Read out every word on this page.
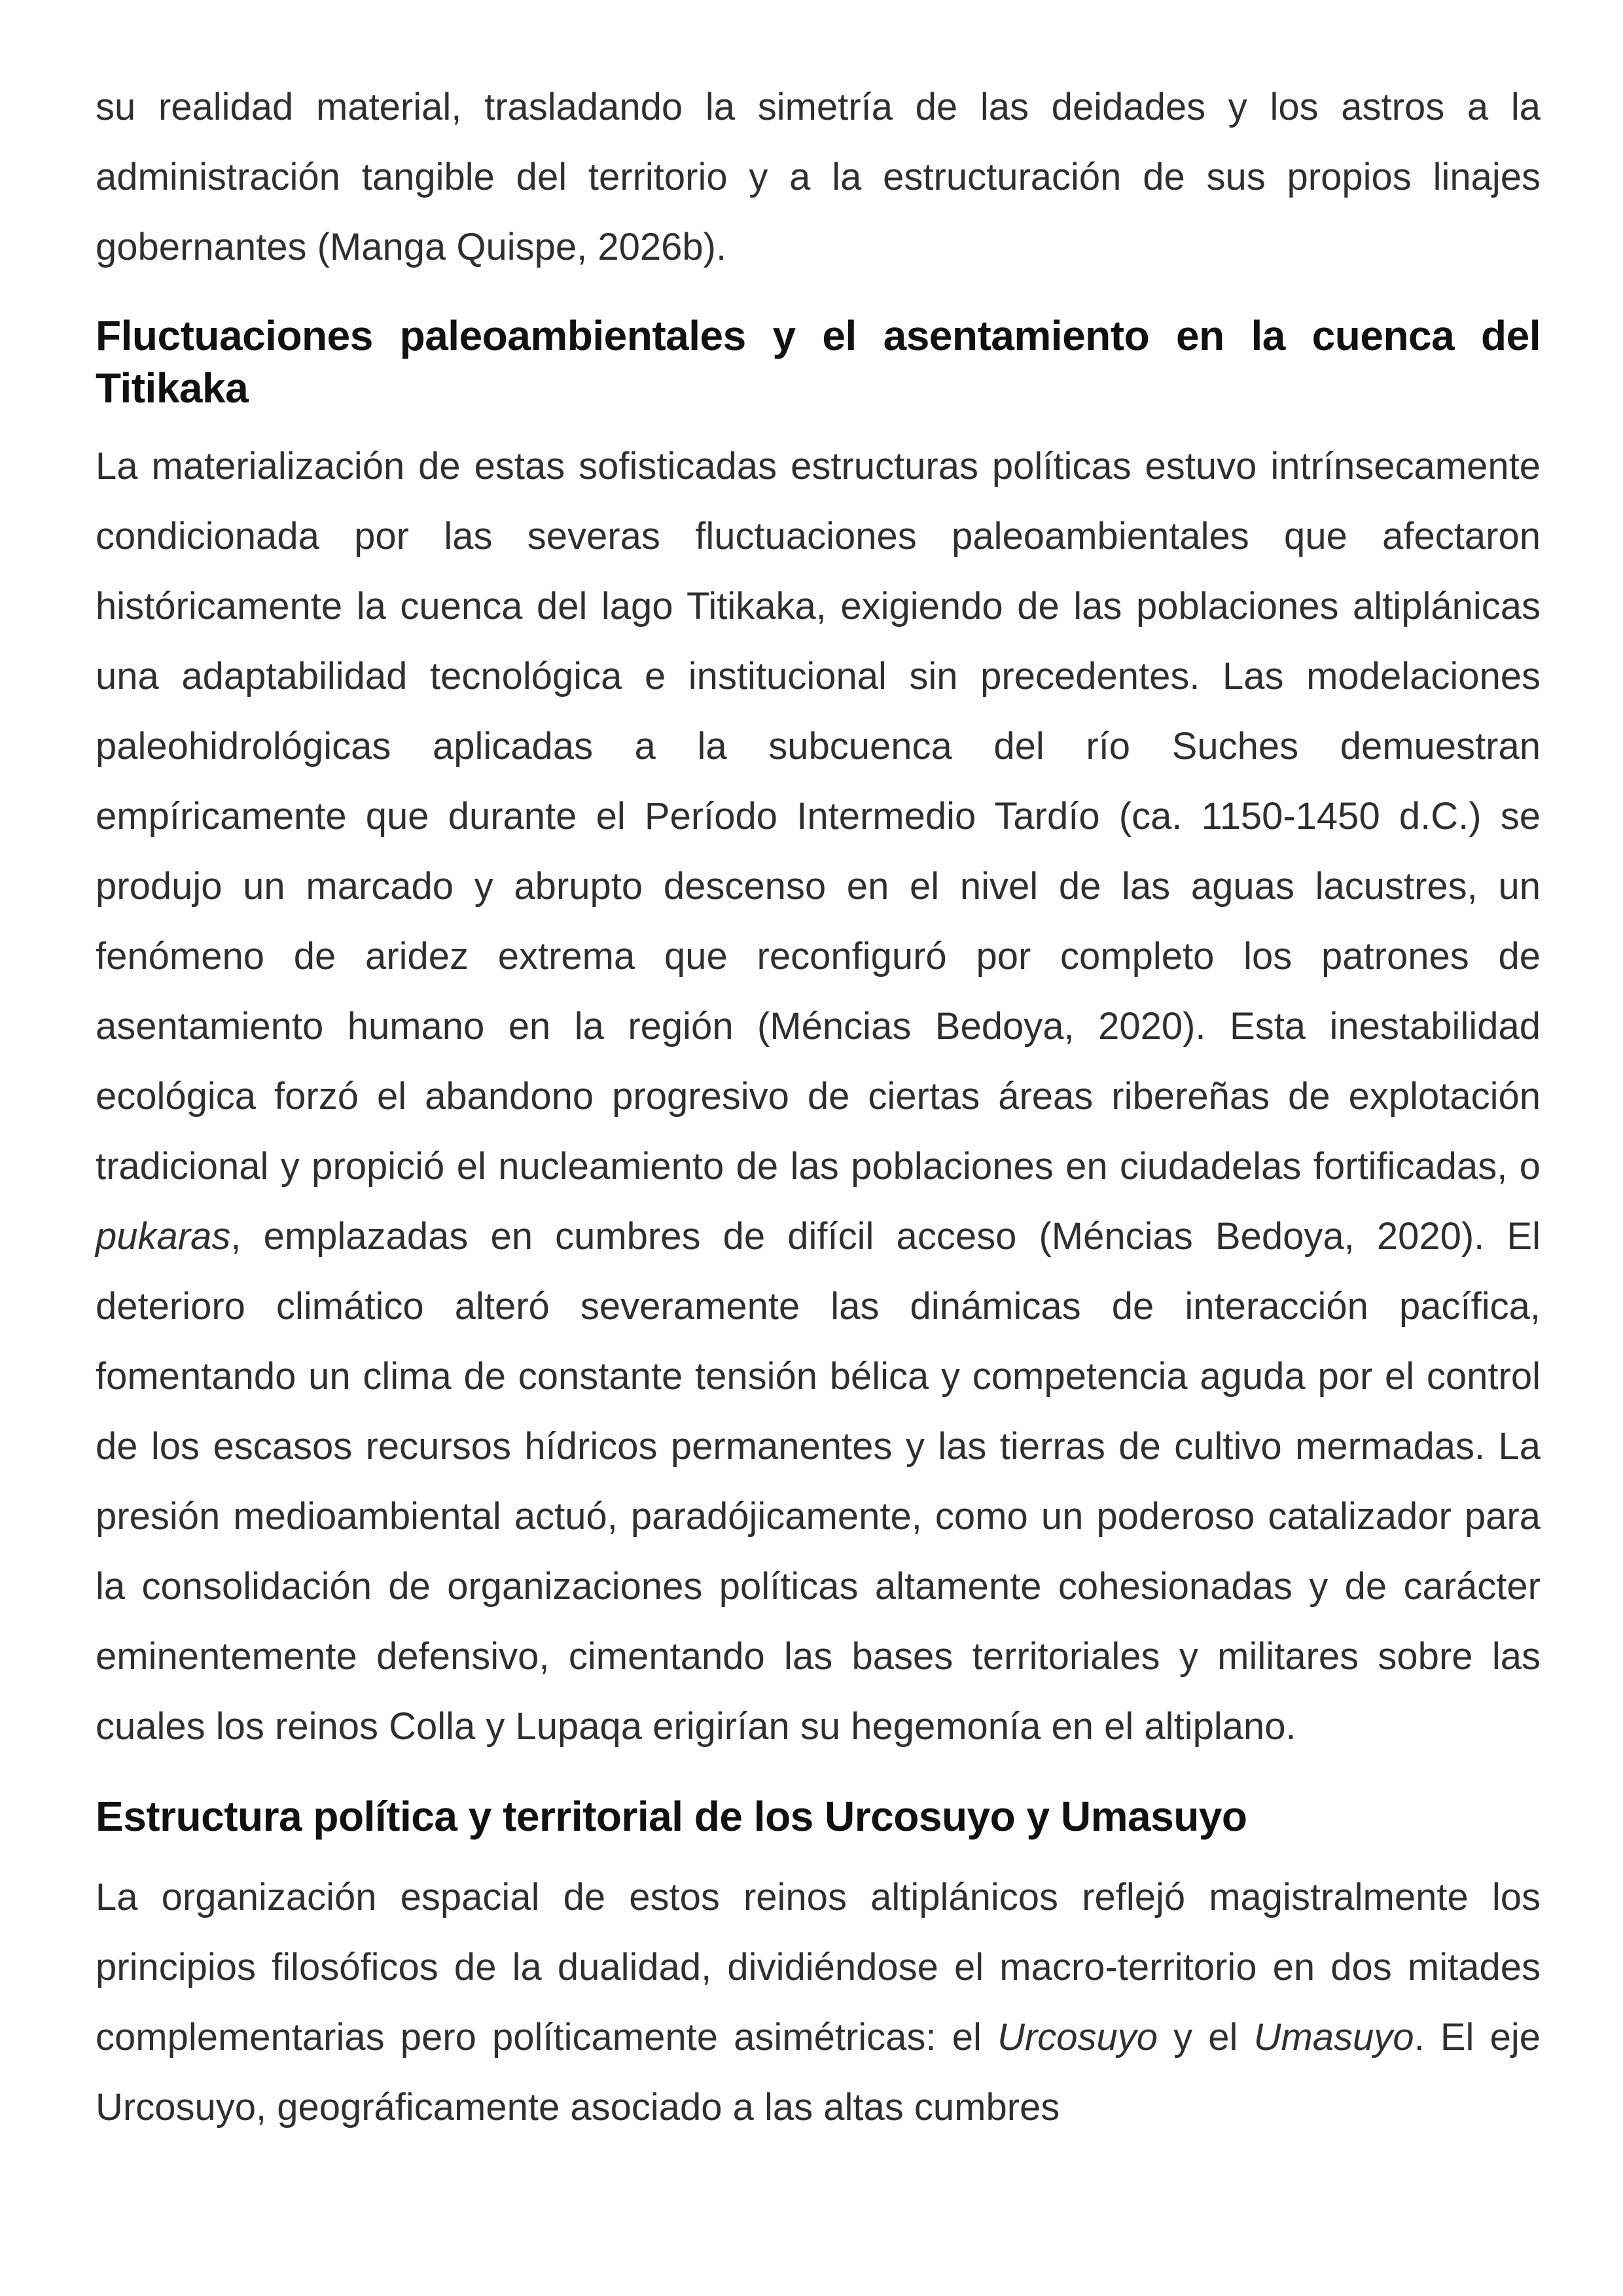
su realidad material, trasladando la simetría de las deidades y los astros a la administración tangible del territorio y a la estructuración de sus propios linajes gobernantes (Manga Quispe, 2026b).

Fluctuaciones paleoambientales y el asentamiento en la cuenca del Titikaka

La materialización de estas sofisticadas estructuras políticas estuvo intrínsecamente condicionada por las severas fluctuaciones paleoambientales que afectaron históricamente la cuenca del lago Titikaka, exigiendo de las poblaciones altiplánicas una adaptabilidad tecnológica e institucional sin precedentes. Las modelaciones paleohidrológicas aplicadas a la subcuenca del río Suches demuestran empíricamente que durante el Período Intermedio Tardío (ca. 1150-1450 d.C.) se produjo un marcado y abrupto descenso en el nivel de las aguas lacustres, un fenómeno de aridez extrema que reconfiguró por completo los patrones de asentamiento humano en la región (Méncias Bedoya, 2020). Esta inestabilidad ecológica forzó el abandono progresivo de ciertas áreas ribereñas de explotación tradicional y propició el nucleamiento de las poblaciones en ciudadelas fortificadas, o pukaras, emplazadas en cumbres de difícil acceso (Méncias Bedoya, 2020). El deterioro climático alteró severamente las dinámicas de interacción pacífica, fomentando un clima de constante tensión bélica y competencia aguda por el control de los escasos recursos hídricos permanentes y las tierras de cultivo mermadas. La presión medioambiental actuó, paradójicamente, como un poderoso catalizador para la consolidación de organizaciones políticas altamente cohesionadas y de carácter eminentemente defensivo, cimentando las bases territoriales y militares sobre las cuales los reinos Colla y Lupaqa erigirían su hegemonía en el altiplano.

Estructura política y territorial de los Urcosuyo y Umasuyo

La organización espacial de estos reinos altiplánicos reflejó magistralmente los principios filosóficos de la dualidad, dividiéndose el macro-territorio en dos mitades complementarias pero políticamente asimétricas: el Urcosuyo y el Umasuyo. El eje Urcosuyo, geográficamente asociado a las altas cumbres
